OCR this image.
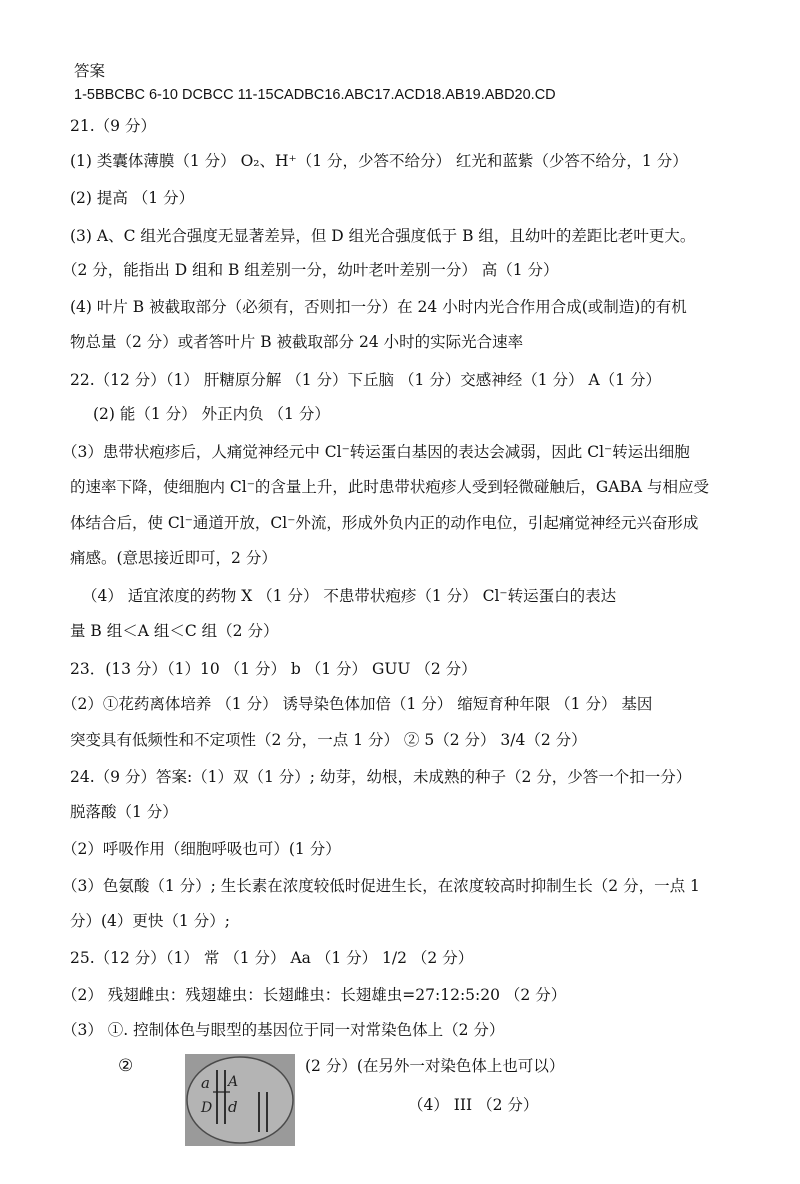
答案
1-5BBCBC 6-10 DCBCC 11-15CADBC16.ABC17.ACD18.AB19.ABD20.CD
21.（9 分）
(1) 类囊体薄膜（1 分） O₂、H⁺（1 分，少答不给分） 红光和蓝紫（少答不给分，1 分）
(2) 提高 （1 分）
(3) A、C 组光合强度无显著差异，但 D 组光合强度低于 B 组，且幼叶的差距比老叶更大。
（2 分，能指出 D 组和 B 组差别一分，幼叶老叶差别一分） 高（1 分）
(4) 叶片 B 被截取部分（必须有，否则扣一分）在 24 小时内光合作用合成(或制造)的有机
物总量（2 分）或者答叶片 B 被截取部分 24 小时的实际光合速率
22.（12 分）（1） 肝糖原分解 （1 分）下丘脑 （1 分）交感神经（1 分） A（1 分）
(2) 能（1 分） 外正内负 （1 分）
（3）患带状疱疹后，人痛觉神经元中 Cl⁻转运蛋白基因的表达会减弱，因此 Cl⁻转运出细胞
的速率下降，使细胞内 Cl⁻的含量上升，此时患带状疱疹人受到轻微碰触后，GABA 与相应受
体结合后，使 Cl⁻通道开放，Cl⁻外流，形成外负内正的动作电位，引起痛觉神经元兴奋形成
痛感。(意思接近即可，2 分）
（4） 适宜浓度的药物 X （1 分） 不患带状疱疹（1 分） Cl⁻转运蛋白的表达
量 B 组＜A 组＜C 组（2 分）
23．(13 分）（1）10 （1 分） b （1 分） GUU （2 分）
（2）①花药离体培养 （1 分） 诱导染色体加倍（1 分） 缩短育种年限 （1 分） 基因
突变具有低频性和不定项性（2 分，一点 1 分） ② 5（2 分） 3/4（2 分）
24.（9 分）答案:（1）双（1 分）; 幼芽，幼根，未成熟的种子（2 分，少答一个扣一分）
脱落酸（1 分）
（2）呼吸作用（细胞呼吸也可）(1 分）
（3）色氨酸（1 分）; 生长素在浓度较低时促进生长，在浓度较高时抑制生长（2 分，一点 1
分）(4）更快（1 分）;
25.（12 分）（1） 常 （1 分） Aa （1 分） 1/2 （2 分）
（2） 残翅雌虫：残翅雄虫：长翅雌虫：长翅雄虫=27:12:5:20 （2 分）
（3） ①. 控制体色与眼型的基因位于同一对常染色体上（2 分）
②	(2 分）(在另外一对染色体上也可以）
（4） III （2 分）
a A
D d
